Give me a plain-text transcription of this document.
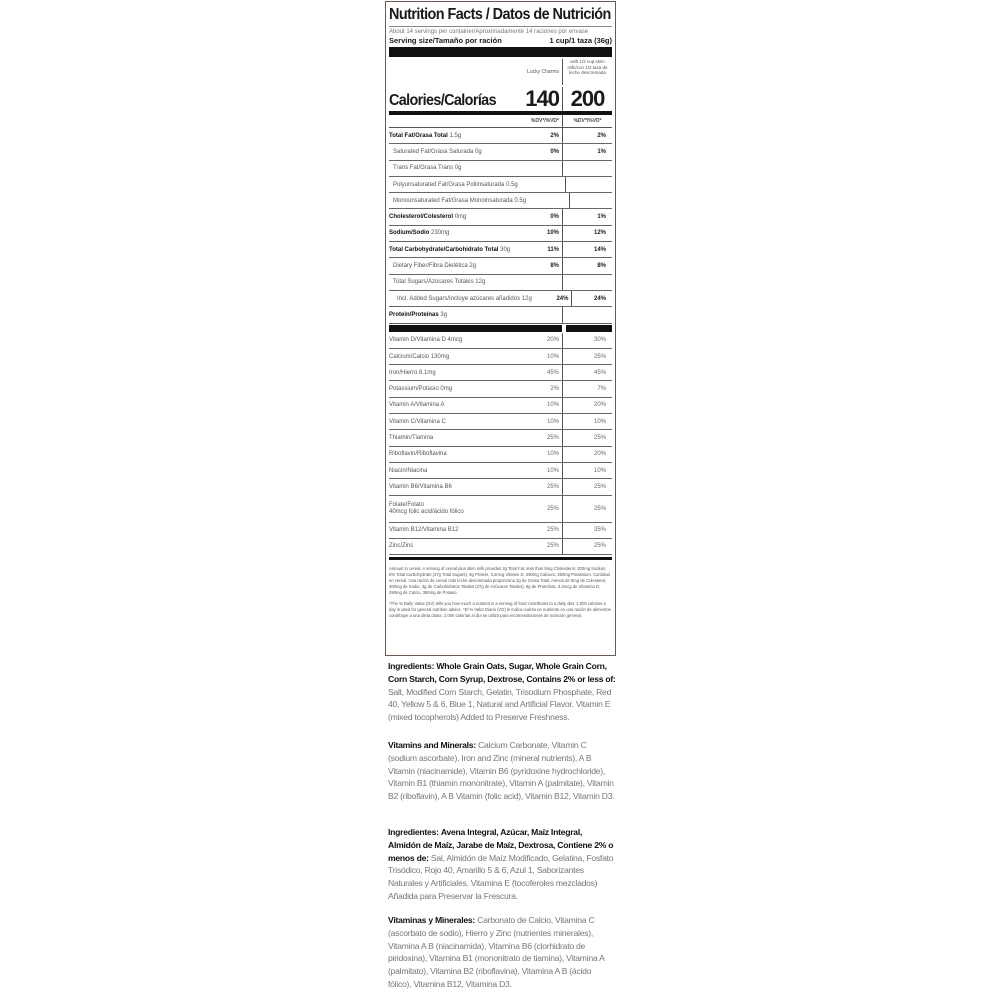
Nutrition Facts / Datos de Nutrición
About 14 servings per container/Aproximadamente 14 raciones por envase
Serving size/Tamaño por ración	1 cup/1 taza (36g)
Lucky Charms
with 1/2 cup skim milk/con 1/2 taza de leche descremada
Calories/Calorías	140 200
%DV*/%VD*	%DV*/%VD*
Total Fat/Grasa Total 1.5g	2%	2%
Saturated Fat/Grasa Saturada 0g	0%	1%
Trans Fat/Grasa Trans 0g
Polyunsaturated Fat/Grasa Poliinsaturada 0.5g
Monounsaturated Fat/Grasa Monoinsaturada 0.5g
Cholesterol/Colesterol 0mg	0%	1%
Sodium/Sodio 230mg	10%	12%
Total Carbohydrate/Carbohidrato Total 30g	11%	14%
Dietary Fiber/Fibra Dietética 2g	8%	8%
Total Sugars/Azúcares Totales 12g
Incl. Added Sugars/Incluye azúcares añadidos 12g	24%	24%
Protein/Proteínas 3g
Vitamin D/Vitamina D 4mcg	20%	30%
Calcium/Calcio 130mg	10%	25%
Iron/Hierro 8.1mg	45%	45%
Potassium/Potasio 0mg	2%	7%
Vitamin A/Vitamina A	10%	20%
Vitamin C/Vitamina C	10%	10%
Thiamin/Tiamina	25%	25%
Riboflavin/Riboflavina	10%	20%
Niacin/Niacina	10%	10%
Vitamin B6/Vitamina B6	25%	25%
Folate/Folato
40mcg folic acid/ácido fólico	25%	25%
Vitamin B12/Vitamina B12	25%	35%
Zinc/Zinc	25%	25%

Amount in cereal. A serving of cereal plus skim milk provides 2g Total Fat, less than 5mg Cholesterol, 300mg Sodium, 8% Total Carbohydrate (37g Total Sugars), 9g Protein, 3.2mcg Vitamin D, 290mg Calcium, 360mg Potassium. Cantidad en cereal. Una ración de cereal más leche descremada proporciona 2g de Grasa Total, menos de 5mg de Colesterol, 300mg de Sodio, 3g de Carbohidratos Totales (37g de Azúcares Totales), 9g de Proteínas, 3.2mcg de Vitamina D, 290mg de Calcio, 360mg de Potasio.

*The % Daily Value (DV) tells you how much a nutrient in a serving of food contributes to a daily diet. 2,000 calories a day is used for general nutrition advice. *El % Valor Diario (VD) le indica cuánto un nutriente en una ración de alimentos contribuye a una dieta diaria. 2,000 calorías al día se utiliza para recomendaciones de nutrición general.

Ingredients: Whole Grain Oats, Sugar, Whole Grain Corn, Corn Starch, Corn Syrup, Dextrose, Contains 2% or less of: Salt, Modified Corn Starch, Gelatin, Trisodium Phosphate, Red 40, Yellow 5 & 6, Blue 1, Natural and Artificial Flavor. Vitamin E (mixed tocopherols) Added to Preserve Freshness.
Vitamins and Minerals: Calcium Carbonate, Vitamin C (sodium ascorbate), Iron and Zinc (mineral nutrients), A B Vitamin (niacinamide), Vitamin B6 (pyridoxine hydrochloride), Vitamin B1 (thiamin mononitrate), Vitamin A (palmitate), Vitamin B2 (riboflavin), A B Vitamin (folic acid), Vitamin B12, Vitamin D3.
Ingredientes: Avena Integral, Azúcar, Maíz Integral, Almidón de Maíz, Jarabe de Maíz, Dextrosa, Contiene 2% o menos de: Sal, Almidón de Maíz Modificado, Gelatina, Fosfato Trisódico, Rojo 40, Amarillo 5 & 6, Azul 1, Saborizantes Naturales y Artificiales. Vitamina E (tocoferoles mezclados) Añadida para Preservar la Frescura.
Vitaminas y Minerales: Carbonato de Calcio, Vitamina C (ascorbato de sodio), Hierro y Zinc (nutrientes minerales), Vitamina A B (niacinamida), Vitamina B6 (clorhidrato de piridoxina), Vitamina B1 (mononitrato de tiamina), Vitamina A (palmitato), Vitamina B2 (riboflavina), Vitamina A B (ácido fólico), Vitamina B12, Vitamina D3.
